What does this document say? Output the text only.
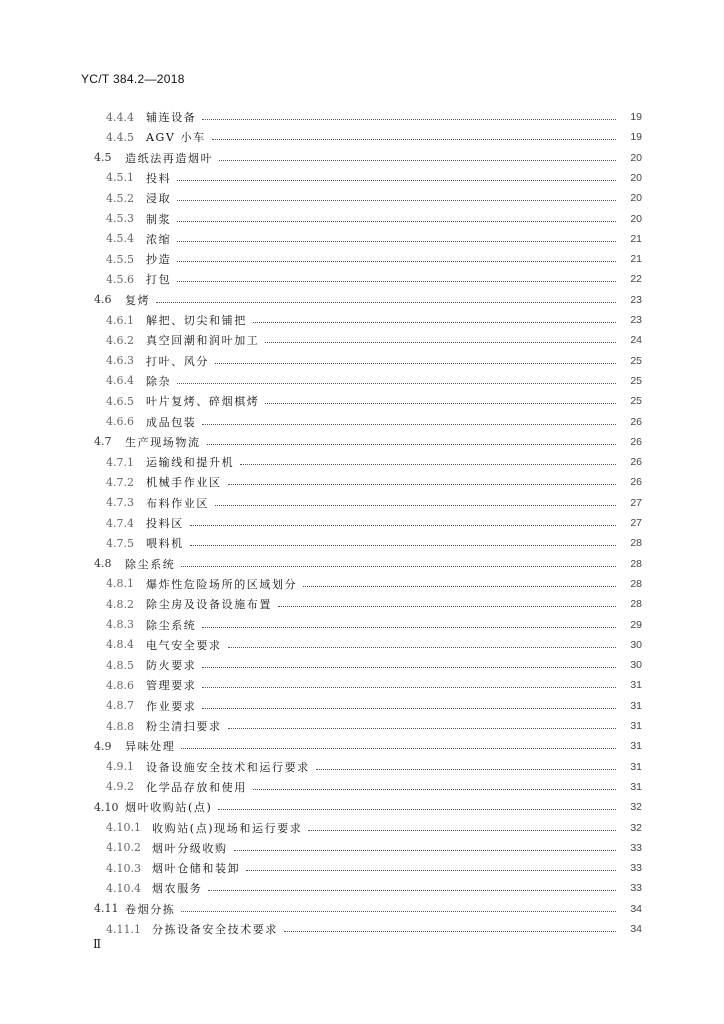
YC/T 384.2—2018
4.4.4 辅连设备	19
4.4.5 AGV 小车	19
4.5 造纸法再造烟叶	20
4.5.1 投料	20
4.5.2 浸取	20
4.5.3 制浆	20
4.5.4 浓缩	21
4.5.5 抄造	21
4.5.6 打包	22
4.6 复烤	23
4.6.1 解把、切尖和铺把	23
4.6.2 真空回潮和润叶加工	24
4.6.3 打叶、风分	25
4.6.4 除杂	25
4.6.5 叶片复烤、碎烟棋烤	25
4.6.6 成品包装	26
4.7 生产现场物流	26
4.7.1 运输线和提升机	26
4.7.2 机械手作业区	26
4.7.3 布料作业区	27
4.7.4 投料区	27
4.7.5 喂料机	28
4.8 除尘系统	28
4.8.1 爆炸性危险场所的区域划分	28
4.8.2 除尘房及设备设施布置	28
4.8.3 除尘系统	29
4.8.4 电气安全要求	30
4.8.5 防火要求	30
4.8.6 管理要求	31
4.8.7 作业要求	31
4.8.8 粉尘清扫要求	31
4.9 异味处理	31
4.9.1 设备设施安全技术和运行要求	31
4.9.2 化学品存放和使用	31
4.10 烟叶收购站(点)	32
4.10.1 收购站(点)现场和运行要求	32
4.10.2 烟叶分级收购	33
4.10.3 烟叶仓储和装卸	33
4.10.4 烟农服务	33
4.11 卷烟分拣	34
4.11.1 分拣设备安全技术要求	34
Ⅱ
